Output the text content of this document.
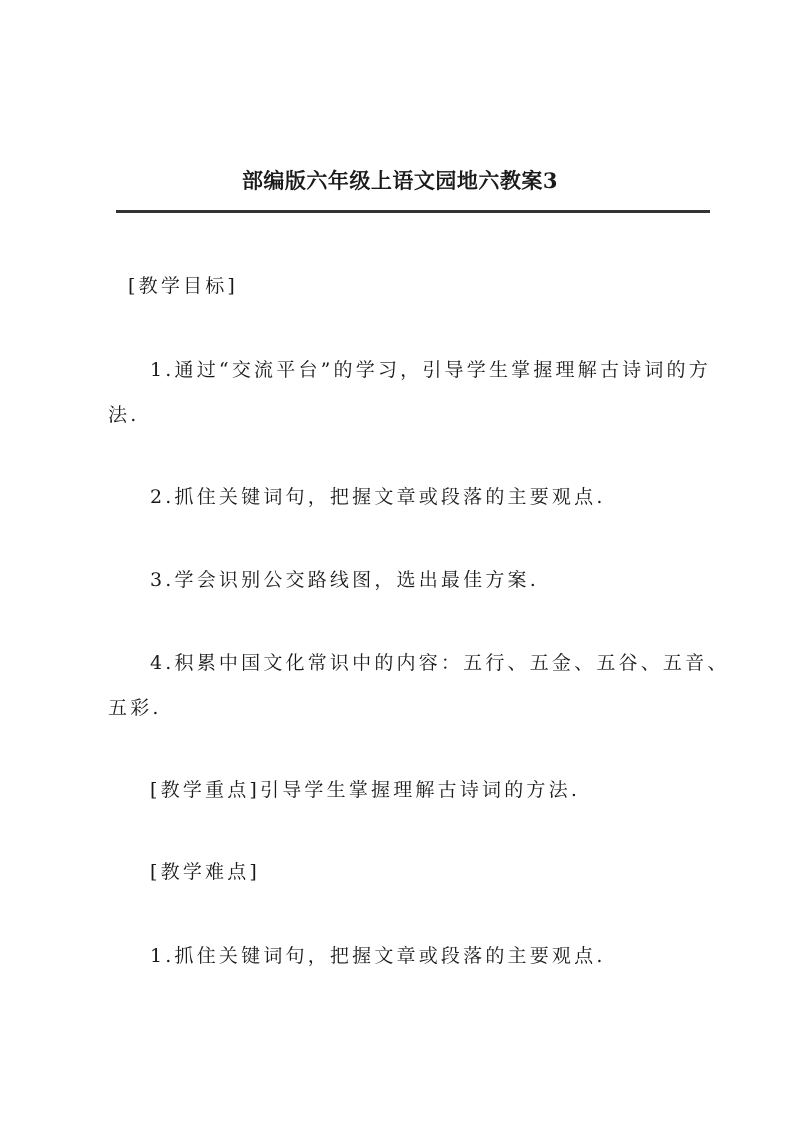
部编版六年级上语文园地六教案3
[教学目标]
1.通过“交流平台”的学习，引导学生掌握理解古诗词的方
法.
2.抓住关键词句，把握文章或段落的主要观点.
3.学会识别公交路线图，选出最佳方案.
4.积累中国文化常识中的内容：五行、五金、五谷、五音、
五彩.
[教学重点]引导学生掌握理解古诗词的方法.
[教学难点]
1.抓住关键词句，把握文章或段落的主要观点.
